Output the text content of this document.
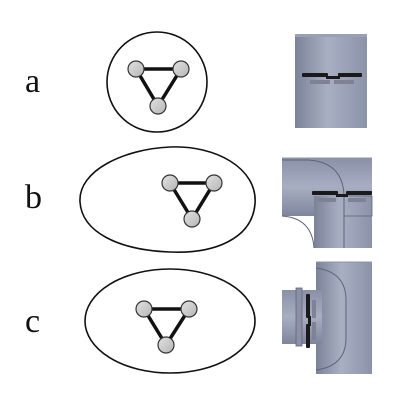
a
b
c
